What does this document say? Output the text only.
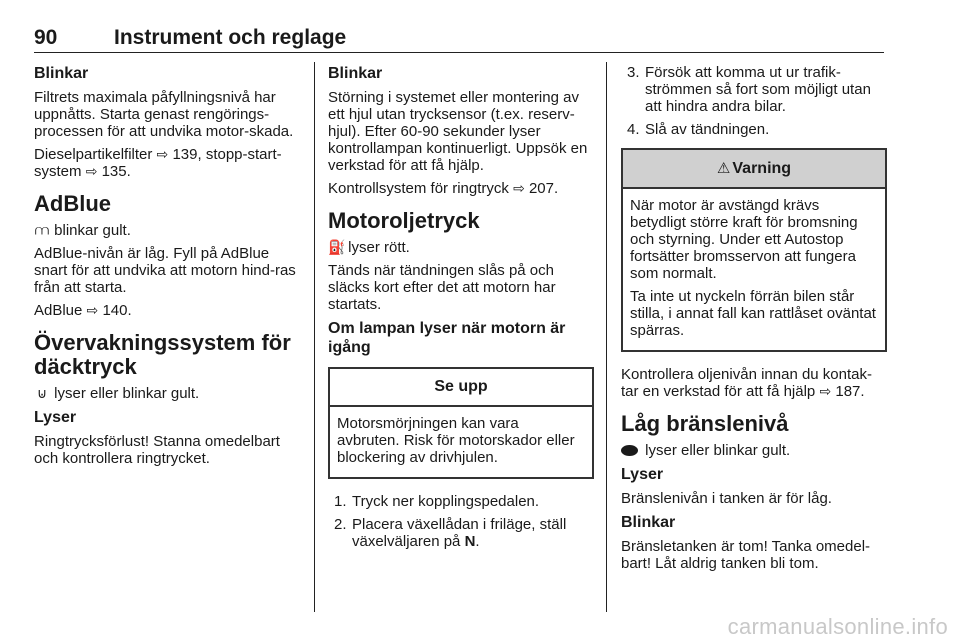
90	Instrument och reglage
Blinkar

Filtrets maximala påfyllningsnivå har uppnåtts. Starta genast rengörings-processen för att undvika motor-skada.

Dieselpartikelfilter ⇨ 139, stopp-start-system ⇨ 135.

AdBlue

⩋ blinkar gult.

AdBlue-nivån är låg. Fyll på AdBlue snart för att undvika att motorn hind-ras från att starta.

AdBlue ⇨ 140.

Övervakningssystem för däcktryck

⊍ lyser eller blinkar gult.

Lyser

Ringtrycksförlust! Stanna omedelbart och kontrollera ringtrycket.

Blinkar

Störning i systemet eller montering av ett hjul utan trycksensor (t.ex. reserv-hjul). Efter 60-90 sekunder lyser kontrollampan kontinuerligt. Uppsök en verkstad för att få hjälp.

Kontrollsystem för ringtryck ⇨ 207.

Motoroljetryck

⛽ lyser rött.

Tänds när tändningen slås på och släcks kort efter det att motorn har startats.

Om lampan lyser när motorn är igång
Se upp

Motorsmörjningen kan vara avbruten. Risk för motorskador eller blockering av drivhjulen.

1. Tryck ner kopplingspedalen.
2. Placera växellådan i friläge, ställ växelväljaren på N.
3. Försök att komma ut ur trafik-strömmen så fort som möjligt utan att hindra andra bilar.
4. Slå av tändningen.
⚠ Varning

När motor är avstängd krävs betydligt större kraft för bromsning och styrning. Under ett Autostop fortsätter bromsservon att fungera som normalt.

Ta inte ut nyckeln förrän bilen står stilla, i annat fall kan rattlåset oväntat spärras.

Kontrollera oljenivån innan du kontak-tar en verkstad för att få hjälp ⇨ 187.

Låg bränslenivå

lyser eller blinkar gult.

Lyser

Bränslenivån i tanken är för låg.

Blinkar

Bränsletanken är tom! Tanka omedel-bart! Låt aldrig tanken bli tom.

carmanualsonline.info
